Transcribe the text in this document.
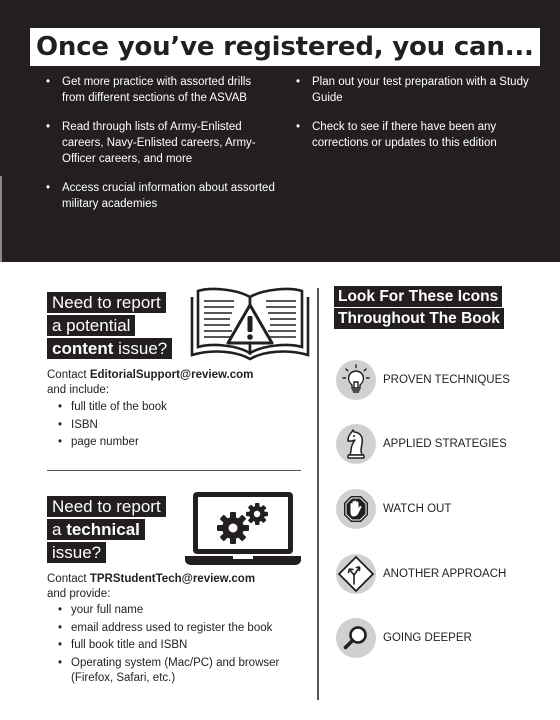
Once you’ve registered, you can...
• Get more practice with assorted drills from different sections of the ASVAB
• Read through lists of Army-Enlisted careers, Navy-Enlisted careers, Army-Officer careers, and more
• Access crucial information about assorted military academies
• Plan out your test preparation with a Study Guide
• Check to see if there have been any corrections or updates to this edition
Need to report
a potential
content issue?
Contact EditorialSupport@review.com
and include:
• full title of the book
• ISBN
• page number
Need to report
a technical
issue?
Contact TPRStudentTech@review.com
and provide:
• your full name
• email address used to register the book
• full book title and ISBN
• Operating system (Mac/PC) and browser (Firefox, Safari, etc.)
Look For These Icons
Throughout The Book
PROVEN TECHNIQUES
APPLIED STRATEGIES
WATCH OUT
ANOTHER APPROACH
GOING DEEPER
